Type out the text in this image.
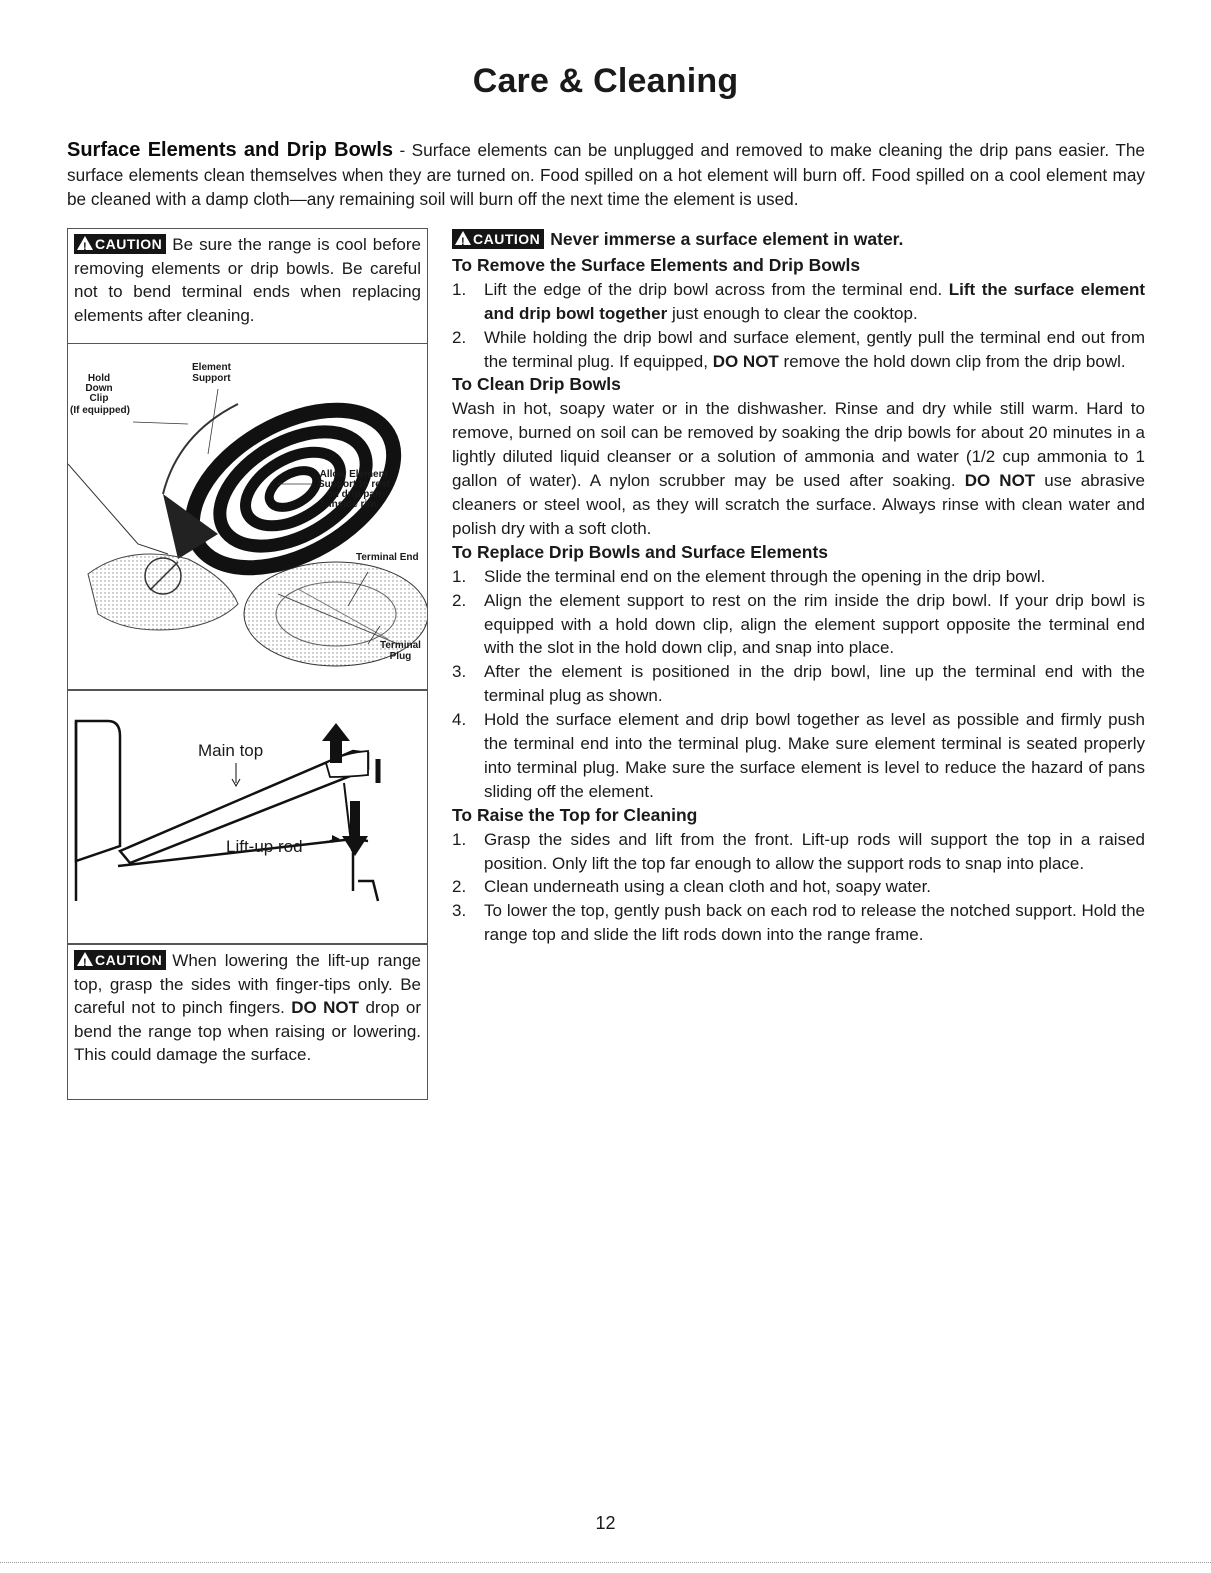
Care & Cleaning
Surface Elements and Drip Bowls - Surface elements can be unplugged and removed to make cleaning the drip pans easier. The surface elements clean themselves when they are turned on. Food spilled on a hot element will burn off. Food spilled on a cool element may be cleaned with a damp cloth—any remaining soil will burn off the next time the element is used.
!CAUTION Be sure the range is cool before removing elements or drip bowls. Be careful not to bend terminal ends when replacing elements after cleaning.
Hold
Down
Clip
(If equipped)
Element
Support
Allow Element
Support to rest
on drip pan
inside rim.
Terminal End
Terminal
Plug
Main top
Lift-up rod
!CAUTION When lowering the lift-up range top, grasp the sides with finger-tips only. Be careful not to pinch fingers. DO NOT drop or bend the range top when raising or lowering. This could damage the surface.
!CAUTION Never immerse a surface element in water.
To Remove the Surface Elements and Drip Bowls
1. Lift the edge of the drip bowl across from the terminal end. Lift the surface element and drip bowl together just enough to clear the cooktop.
2. While holding the drip bowl and surface element, gently pull the terminal end out from the terminal plug. If equipped, DO NOT remove the hold down clip from the drip bowl.
To Clean Drip Bowls
Wash in hot, soapy water or in the dishwasher. Rinse and dry while still warm. Hard to remove, burned on soil can be removed by soaking the drip bowls for about 20 minutes in a lightly diluted liquid cleanser or a solution of ammonia and water (1/2 cup ammonia to 1 gallon of water). A nylon scrubber may be used after soaking. DO NOT use abrasive cleaners or steel wool, as they will scratch the surface. Always rinse with clean water and polish dry with a soft cloth.
To Replace Drip Bowls and Surface Elements
1. Slide the terminal end on the element through the opening in the drip bowl.
2. Align the element support to rest on the rim inside the drip bowl. If your drip bowl is equipped with a hold down clip, align the element support opposite the terminal end with the slot in the hold down clip, and snap into place.
3. After the element is positioned in the drip bowl, line up the terminal end with the terminal plug as shown.
4. Hold the surface element and drip bowl together as level as possible and firmly push the terminal end into the terminal plug. Make sure element terminal is seated properly into terminal plug. Make sure the surface element is level to reduce the hazard of pans sliding off the element.
To Raise the Top for Cleaning
1. Grasp the sides and lift from the front. Lift-up rods will support the top in a raised position. Only lift the top far enough to allow the support rods to snap into place.
2. Clean underneath using a clean cloth and hot, soapy water.
3. To lower the top, gently push back on each rod to release the notched support. Hold the range top and slide the lift rods down into the range frame.
12
